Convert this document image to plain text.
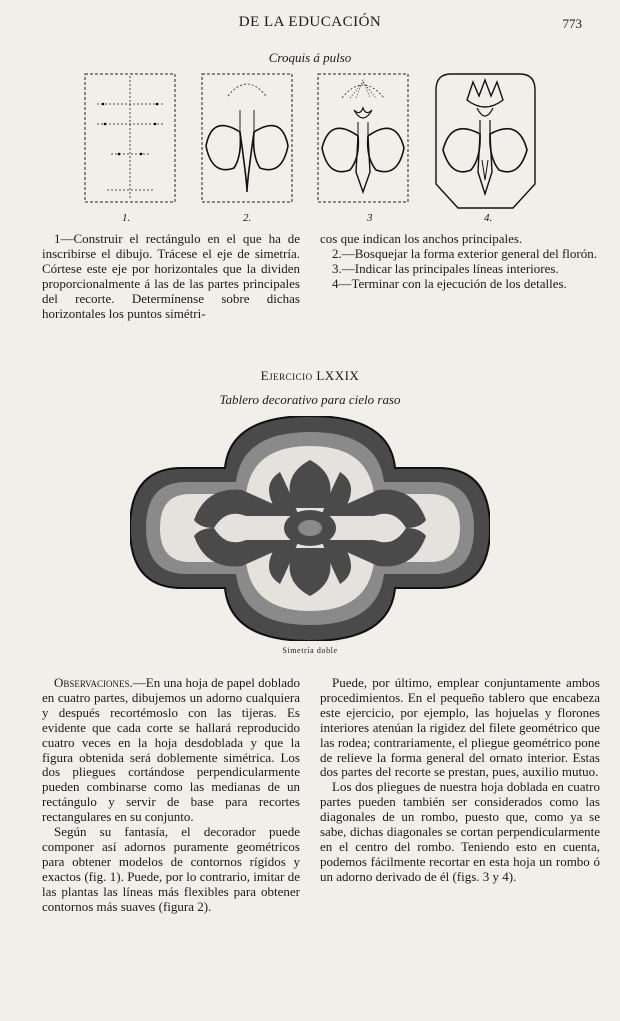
DE LA EDUCACIÓN	773
Croquis á pulso
1.	2.	3	4.

1—Construir el rectángulo en el que ha de inscribirse el dibujo. Trácese el eje de simetría. Córtese este eje por horizontales que la dividen proporcionalmente á las de las partes principales del recorte. Determínense sobre dichas horizontales los puntos simétri-

cos que indican los anchos principales.

2.—Bosquejar la forma exterior general del florón.

3.—Indicar las principales líneas interiores.

4—Terminar con la ejecución de los detalles.

Ejercicio LXXIX
Tablero decorativo para cielo raso
Simetría doble

Observaciones.—En una hoja de papel doblado en cuatro partes, dibujemos un adorno cualquiera y después recortémoslo con las tijeras. Es evidente que cada corte se hallará reproducido cuatro veces en la hoja desdoblada y que la figura obtenida será doblemente simétrica. Los dos pliegues cortándose perpendicularmente pueden combinarse como las medianas de un rectángulo y servir de base para recortes rectangulares en su conjunto.

Según su fantasía, el decorador puede componer así adornos puramente geométricos para obtener modelos de contornos rígidos y exactos (fig. 1). Puede, por lo contrario, imitar de las plantas las líneas más flexibles para obtener contornos más suaves (figura 2).

Puede, por último, emplear conjuntamente ambos procedimientos. En el pequeño tablero que encabeza este ejercicio, por ejemplo, las hojuelas y florones interiores atenúan la rigidez del filete geométrico que las rodea; contrariamente, el pliegue geométrico pone de relieve la forma general del ornato interior. Estas dos partes del recorte se prestan, pues, auxilio mutuo.

Los dos pliegues de nuestra hoja doblada en cuatro partes pueden también ser considerados como las diagonales de un rombo, puesto que, como ya se sabe, dichas diagonales se cortan perpendicularmente en el centro del rombo. Teniendo esto en cuenta, podemos fácilmente recortar en esta hoja un rombo ó un adorno derivado de él (figs. 3 y 4).
